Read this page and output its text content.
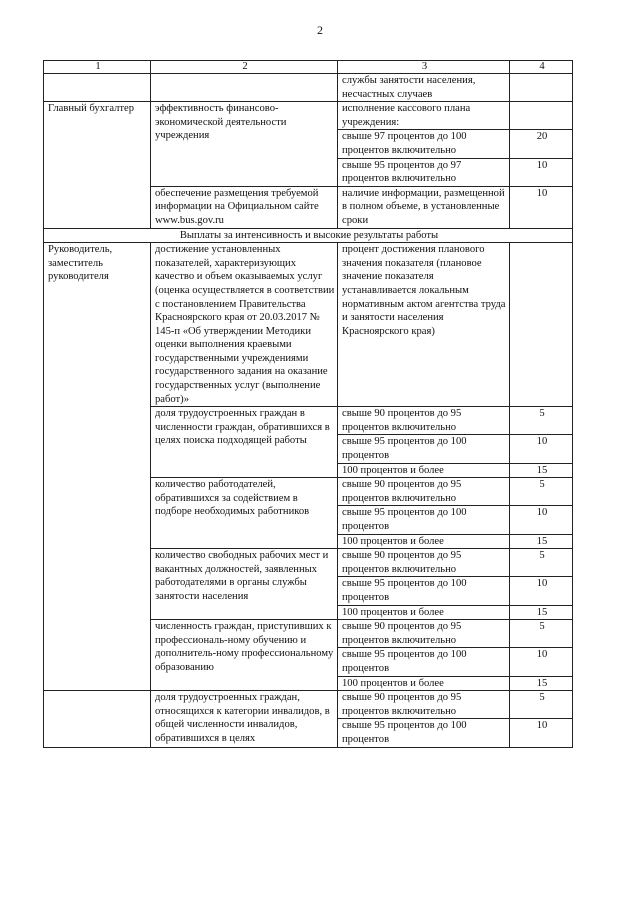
2
1	2	3	4
		службы занятости населения, несчастных случаев	
Главный бухгалтер	эффективность финансово-экономической деятельности учреждения	исполнение кассового плана учреждения:	
		свыше 97 процентов до 100 процентов включительно	20
		свыше 95 процентов до 97 процентов включительно	10
	обеспечение размещения требуемой информации на Официальном сайте www.bus.gov.ru	наличие информации, размещенной в полном объеме, в установленные сроки	10
Выплаты за интенсивность и высокие результаты работы			
Руководитель, заместитель руководителя	достижение установленных показателей, характеризующих качество и объем оказываемых услуг (оценка осуществляется в соответствии с постановлением Правительства Красноярского края от 20.03.2017 № 145-п «Об утверждении Методики оценки выполнения краевыми государственными учреждениями государственного задания на оказание государственных услуг (выполнение работ)»	процент достижения планового значения показателя (плановое значение показателя устанавливается локальным нормативным актом агентства труда и занятости населения Красноярского края)	
	доля трудоустроенных граждан в численности граждан, обратившихся в целях поиска подходящей работы	свыше 90 процентов до 95 процентов включительно	5
		свыше 95 процентов до 100 процентов	10
		100 процентов и более	15
	количество работодателей, обратившихся за содействием в подборе необходимых работников	свыше 90 процентов до 95 процентов включительно	5
		свыше 95 процентов до 100 процентов	10
		100 процентов и более	15
	количество свободных рабочих мест и вакантных должностей, заявленных работодателями в органы службы занятости населения	свыше 90 процентов до 95 процентов включительно	5
		свыше 95 процентов до 100 процентов	10
		100 процентов и более	15
	численность граждан, приступивших к профессиональ-ному обучению и дополнитель-ному профессиональному образованию	свыше 90 процентов до 95 процентов включительно	5
		свыше 95 процентов до 100 процентов	10
		100 процентов и более	15
	доля трудоустроенных граждан, относящихся к категории инвалидов, в общей численности инвалидов, обратившихся в целях	свыше 90 процентов до 95 процентов включительно	5
		свыше 95 процентов до 100 процентов	10
